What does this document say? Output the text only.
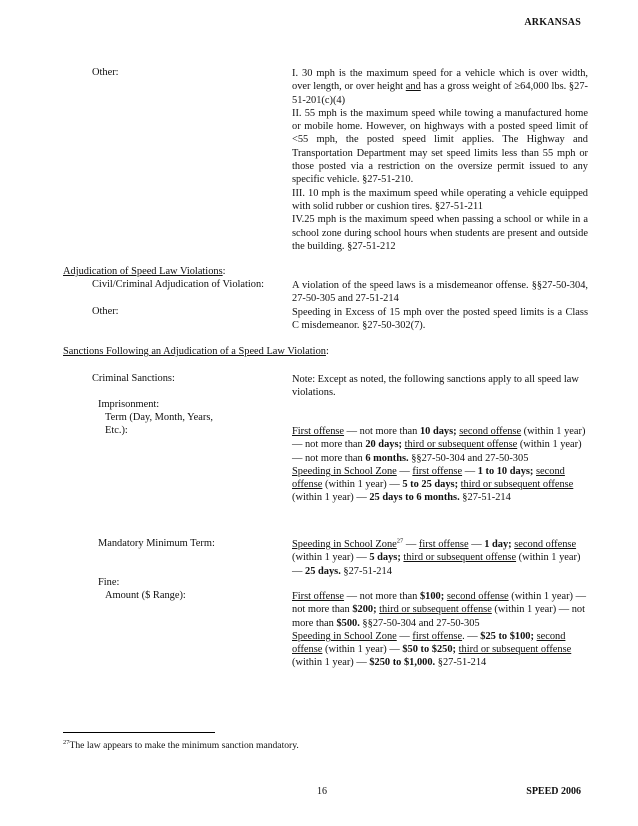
ARKANSAS
Other:	I. 30 mph is the maximum speed for a vehicle which is over width, over length, or over height and has a gross weight of ≥64,000 lbs. §27-51-201(c)(4)
II. 55 mph is the maximum speed while towing a manufactured home or mobile home. However, on highways with a posted speed limit of <55 mph, the posted speed limit applies. The Highway and Transportation Department may set speed limits less than 55 mph or those posted via a restriction on the oversize permit issued to any specific vehicle. §27-51-210.
III. 10 mph is the maximum speed while operating a vehicle equipped with solid rubber or cushion tires. §27-51-211
IV.25 mph is the maximum speed when passing a school or while in a school zone during school hours when students are present and outside the building. §27-51-212
Adjudication of Speed Law Violations:
Civil/Criminal Adjudication of Violation:	A violation of the speed laws is a misdemeanor offense. §§27-50-304, 27-50-305 and 27-51-214
Other:	Speeding in Excess of 15 mph over the posted speed limits is a Class C misdemeanor. §27-50-302(7).
Sanctions Following an Adjudication of a Speed Law Violation:
Criminal Sanctions:	Note: Except as noted, the following sanctions apply to all speed law violations.
Imprisonment:
Term (Day, Month, Years,
Etc.):	First offense — not more than 10 days; second offense (within 1 year) — not more than 20 days; third or subsequent offense (within 1 year) — not more than 6 months. §§27-50-304 and 27-50-305
Speeding in School Zone — first offense — 1 to 10 days; second offense (within 1 year) — 5 to 25 days; third or subsequent offense (within 1 year) — 25 days to 6 months. §27-51-214
Mandatory Minimum Term:	Speeding in School Zone$^{27}$ — first offense — 1 day; second offense (within 1 year) — 5 days; third or subsequent offense (within 1 year) — 25 days. §27-51-214
Fine:
Amount ($ Range):	First offense — not more than $100; second offense (within 1 year) — not more than $200; third or subsequent offense (within 1 year) — not more than $500. §§27-50-304 and 27-50-305
Speeding in School Zone — first offense. — $25 to $100; second offense (within 1 year) — $50 to $250; third or subsequent offense (within 1 year) — $250 to $1,000. §27-51-214
$^{27}$The law appears to make the minimum sanction mandatory.
16	SPEED 2006
